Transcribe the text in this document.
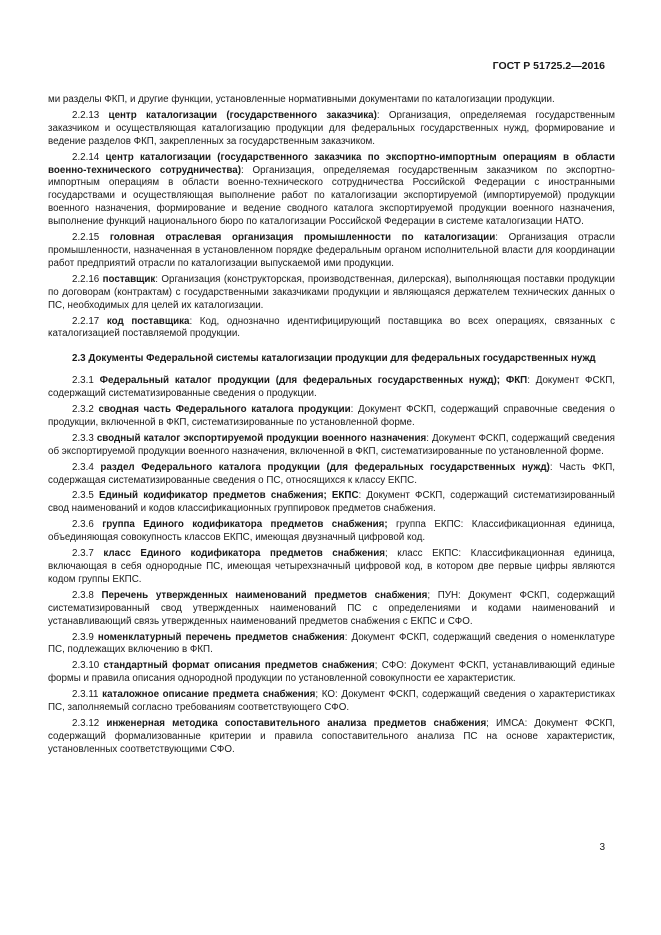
ГОСТ Р 51725.2—2016

ми разделы ФКП, и другие функции, установленные нормативными документами по каталогизации продукции.

2.2.13 центр каталогизации (государственного заказчика): Организация, определяемая государственным заказчиком и осуществляющая каталогизацию продукции для федеральных государственных нужд, формирование и ведение разделов ФКП, закрепленных за государственным заказчиком.

2.2.14 центр каталогизации (государственного заказчика по экспортно-импортным операциям в области военно-технического сотрудничества): Организация, определяемая государственным заказчиком по экспортно-импортным операциям в области военно-технического сотрудничества Российской Федерации с иностранными государствами и осуществляющая выполнение работ по каталогизации экспортируемой (импортируемой) продукции военного назначения, формирование и ведение сводного каталога экспортируемой продукции военного назначения, выполнение функций национального бюро по каталогизации Российской Федерации в системе каталогизации НАТО.

2.2.15 головная отраслевая организация промышленности по каталогизации: Организация отрасли промышленности, назначенная в установленном порядке федеральным органом исполнительной власти для координации работ предприятий отрасли по каталогизации выпускаемой ими продукции.

2.2.16 поставщик: Организация (конструкторская, производственная, дилерская), выполняющая поставки продукции по договорам (контрактам) с государственными заказчиками продукции и являющаяся держателем технических данных о ПС, необходимых для целей их каталогизации.

2.2.17 код поставщика: Код, однозначно идентифицирующий поставщика во всех операциях, связанных с каталогизацией поставляемой продукции.

2.3 Документы Федеральной системы каталогизации продукции для федеральных государственных нужд

2.3.1 Федеральный каталог продукции (для федеральных государственных нужд); ФКП: Документ ФСКП, содержащий систематизированные сведения о продукции.

2.3.2 сводная часть Федерального каталога продукции: Документ ФСКП, содержащий справочные сведения о продукции, включенной в ФКП, систематизированные по установленной форме.

2.3.3 сводный каталог экспортируемой продукции военного назначения: Документ ФСКП, содержащий сведения об экспортируемой продукции военного назначения, включенной в ФКП, систематизированные по установленной форме.

2.3.4 раздел Федерального каталога продукции (для федеральных государственных нужд): Часть ФКП, содержащая систематизированные сведения о ПС, относящихся к классу ЕКПС.

2.3.5 Единый кодификатор предметов снабжения; ЕКПС: Документ ФСКП, содержащий систематизированный свод наименований и кодов классификационных группировок предметов снабжения.

2.3.6 группа Единого кодификатора предметов снабжения; группа ЕКПС: Классификационная единица, объединяющая совокупность классов ЕКПС, имеющая двузначный цифровой код.

2.3.7 класс Единого кодификатора предметов снабжения; класс ЕКПС: Классификационная единица, включающая в себя однородные ПС, имеющая четырехзначный цифровой код, в котором две первые цифры являются кодом группы ЕКПС.

2.3.8 Перечень утвержденных наименований предметов снабжения; ПУН: Документ ФСКП, содержащий систематизированный свод утвержденных наименований ПС с определениями и кодами наименований и устанавливающий связь утвержденных наименований предметов снабжения с ЕКПС и СФО.

2.3.9 номенклатурный перечень предметов снабжения: Документ ФСКП, содержащий сведения о номенклатуре ПС, подлежащих включению в ФКП.

2.3.10 стандартный формат описания предметов снабжения; СФО: Документ ФСКП, устанавливающий единые формы и правила описания однородной продукции по установленной совокупности ее характеристик.

2.3.11 каталожное описание предмета снабжения; КО: Документ ФСКП, содержащий сведения о характеристиках ПС, заполняемый согласно требованиям соответствующего СФО.

2.3.12 инженерная методика сопоставительного анализа предметов снабжения; ИМСА: Документ ФСКП, содержащий формализованные критерии и правила сопоставительного анализа ПС на основе характеристик, установленных соответствующими СФО.

3
